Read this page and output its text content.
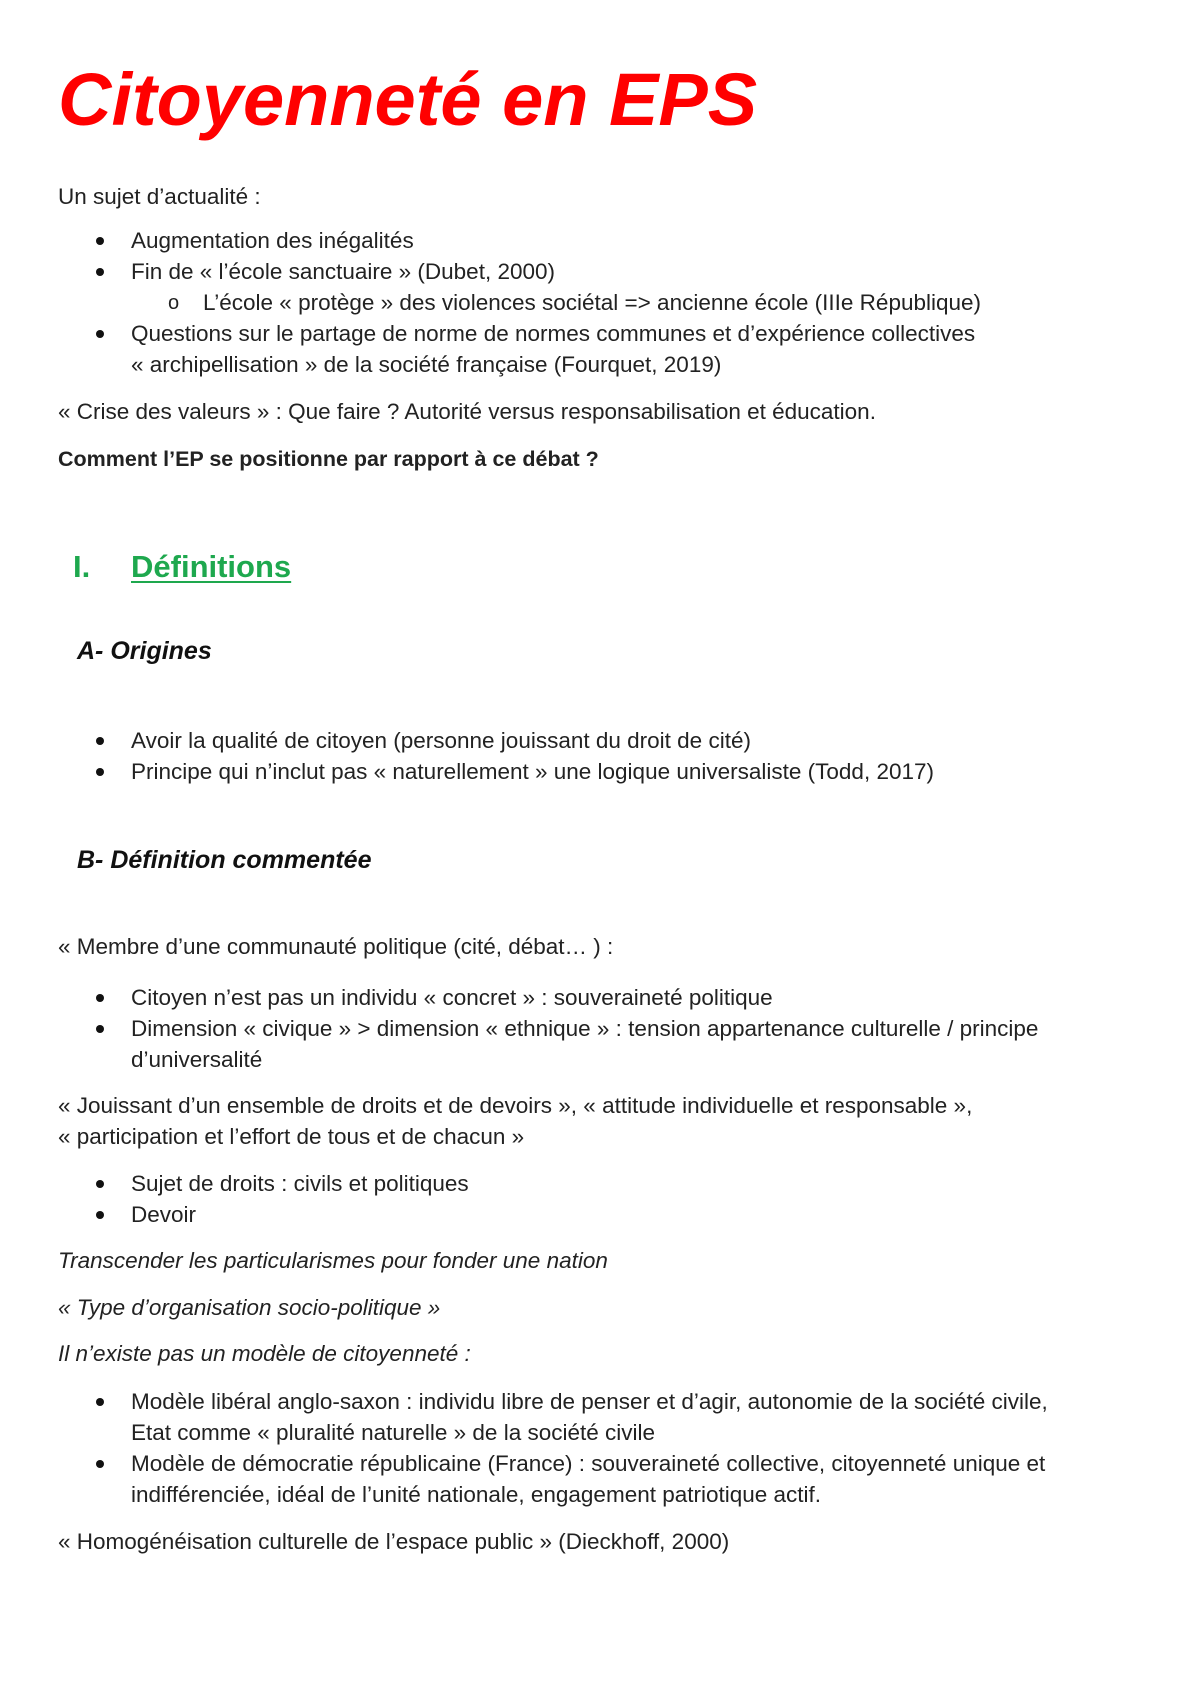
Citoyenneté en EPS
Un sujet d’actualité :
Augmentation des inégalités
Fin de « l’école sanctuaire » (Dubet, 2000)
o L’école « protège » des violences sociétal => ancienne école (IIIe République)
Questions sur le partage de norme de normes communes et d’expérience collectives
« archipellisation » de la société française (Fourquet, 2019)
« Crise des valeurs » : Que faire ? Autorité versus responsabilisation et éducation.
Comment l’EP se positionne par rapport à ce débat ?
I. Définitions
A- Origines
Avoir la qualité de citoyen (personne jouissant du droit de cité)
Principe qui n’inclut pas « naturellement » une logique universaliste (Todd, 2017)
B- Définition commentée
« Membre d’une communauté politique (cité, débat… ) :
Citoyen n’est pas un individu « concret » : souveraineté politique
Dimension « civique » > dimension « ethnique » : tension appartenance culturelle / principe
d’universalité
« Jouissant d’un ensemble de droits et de devoirs », « attitude individuelle et responsable »,
« participation et l’effort de tous et de chacun »
Sujet de droits : civils et politiques
Devoir
Transcender les particularismes pour fonder une nation
« Type d’organisation socio-politique »
Il n’existe pas un modèle de citoyenneté :
Modèle libéral anglo-saxon : individu libre de penser et d’agir, autonomie de la société civile,
Etat comme « pluralité naturelle » de la société civile
Modèle de démocratie républicaine (France) : souveraineté collective, citoyenneté unique et
indifférenciée, idéal de l’unité nationale, engagement patriotique actif.
« Homogénéisation culturelle de l’espace public » (Dieckhoff, 2000)
